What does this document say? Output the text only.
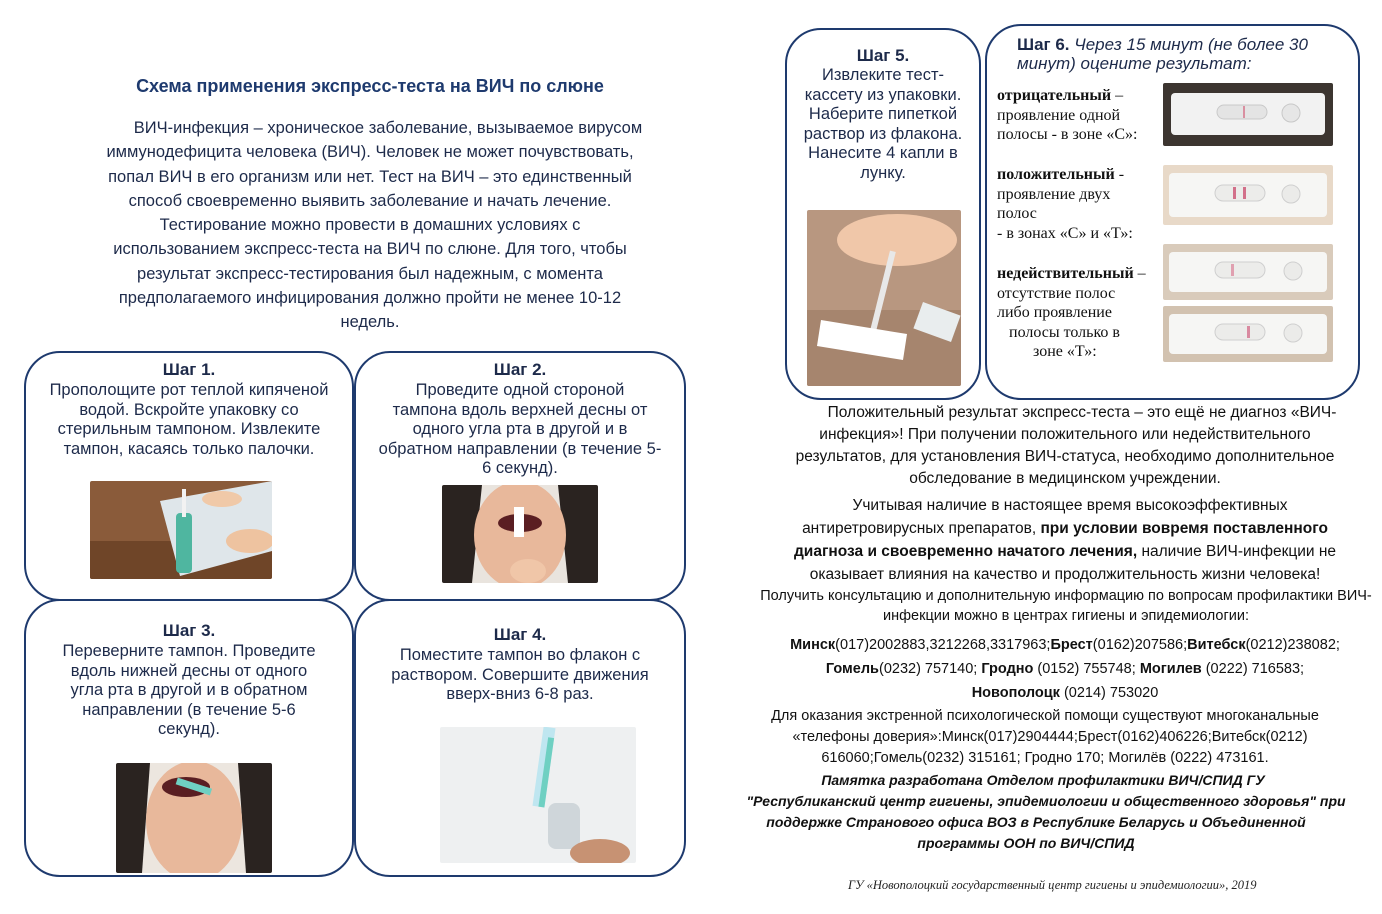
Схема применения экспресс-теста на ВИЧ по слюне
ВИЧ-инфекция – хроническое заболевание, вызываемое вирусом
иммунодефицита человека (ВИЧ). Человек не может почувствовать,
попал ВИЧ в его организм или нет. Тест на ВИЧ – это единственный
способ своевременно выявить заболевание и начать лечение.
Тестирование можно провести в домашних условиях с
использованием экспресс-теста на ВИЧ по слюне. Для того, чтобы
результат экспресс-тестирования был надежным, с момента
предполагаемого инфицирования должно пройти не менее 10-12
недель.
Шаг 1.
Прополощите рот теплой кипяченой
водой. Вскройте упаковку со
стерильным тампоном. Извлеките
тампон, касаясь только палочки.
Шаг 2.
Проведите одной стороной
тампона вдоль верхней десны от
одного угла рта в другой и в
обратном направлении (в течение 5-
6 секунд).
Шаг 3.
Переверните тампон. Проведите
вдоль нижней десны от одного
угла рта в другой и в обратном
направлении (в течение 5-6
секунд).
Шаг 4.
Поместите тампон во флакон с
раствором. Совершите движения
вверх-вниз 6-8 раз.
Шаг 5.
Извлеките тест-
кассету из упаковки.
Наберите пипеткой
раствор из флакона.
Нанесите 4 капли в
лунку.
Шаг 6. Через 15 минут (не более 30
минут) оцените результат:
отрицательный –
проявление одной
полосы - в зоне «С»:
положительный -
проявление двух
полос
- в зонах «С» и «Т»:
недействительный –
отсутствие полос
либо проявление
полосы только в
зоне «Т»:
Положительный результат экспресс-теста – это ещё не диагноз «ВИЧ-
инфекция»! При получении положительного или недействительного
результатов, для установления ВИЧ-статуса, необходимо дополнительное
обследование в медицинском учреждении.
Учитывая наличие в настоящее время высокоэффективных
антиретровирусных препаратов, при условии вовремя поставленного
диагноза и своевременно начатого лечения, наличие ВИЧ-инфекции не
оказывает влияния на качество и продолжительность жизни человека!
Получить консультацию и дополнительную информацию по вопросам профилактики ВИЧ-
инфекции можно в центрах гигиены и эпидемиологии:
Минск(017)2002883,3212268,3317963;Брест(0162)207586;Витебск(0212)238082;
Гомель(0232) 757140; Гродно (0152) 755748; Могилев (0222) 716583;
Новополоцк (0214) 753020
Для оказания экстренной психологической помощи существуют многоканальные
«телефоны доверия»:Минск(017)2904444;Брест(0162)406226;Витебск(0212)
616060;Гомель(0232) 315161; Гродно 170; Могилёв (0222) 473161.
Памятка разработана Отделом профилактики ВИЧ/СПИД ГУ
"Республиканский центр гигиены, эпидемиологии и общественного здоровья" при
поддержке Странового офиса ВОЗ в Республике Беларусь и Объединенной
программы ООН по ВИЧ/СПИД
ГУ «Новополоцкий государственный центр гигиены и эпидемиологии», 2019
